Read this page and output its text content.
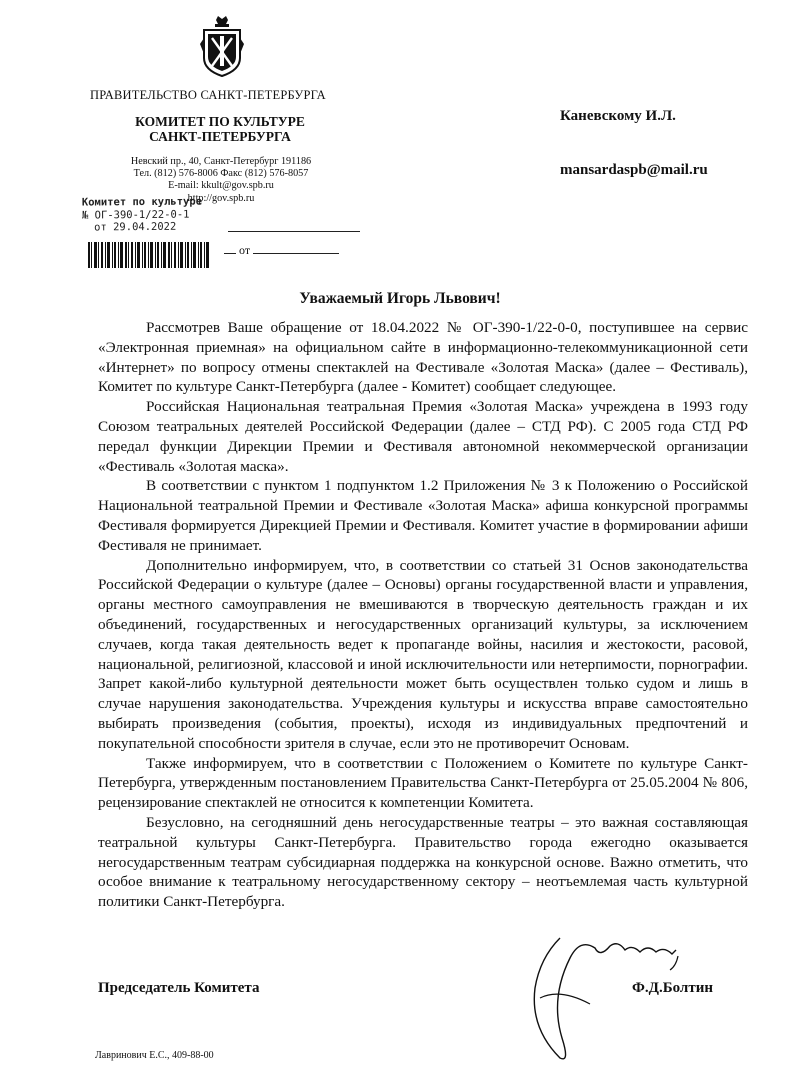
ПРАВИТЕЛЬСТВО САНКТ-ПЕТЕРБУРГА
КОМИТЕТ ПО КУЛЬТУРЕ
САНКТ-ПЕТЕРБУРГА
Невский пр., 40, Санкт-Петербург 191186
Тел. (812) 576-8006 Факс (812) 576-8057
E-mail: kkult@gov.spb.ru
http://gov.spb.ru
Комитет по культуре
№ ОГ-390-1/22-0-1
от 29.04.2022
от
Каневскому И.Л.
mansardaspb@mail.ru
Уважаемый Игорь Львович!

Рассмотрев Ваше обращение от 18.04.2022 № ОГ-390-1/22-0-0, поступившее на сервис «Электронная приемная» на официальном сайте в информационно-телекоммуникационной сети «Интернет» по вопросу отмены спектаклей на Фестивале «Золотая Маска» (далее – Фестиваль), Комитет по культуре Санкт-Петербурга (далее - Комитет) сообщает следующее.

Российская Национальная театральная Премия «Золотая Маска» учреждена в 1993 году Союзом театральных деятелей Российской Федерации (далее – СТД РФ). С 2005 года СТД РФ передал функции Дирекции Премии и Фестиваля автономной некоммерческой организации «Фестиваль «Золотая маска».

В соответствии с пунктом 1 подпунктом 1.2 Приложения № 3 к Положению о Российской Национальной театральной Премии и Фестивале «Золотая Маска» афиша конкурсной программы Фестиваля формируется Дирекцией Премии и Фестиваля. Комитет участие в формировании афиши Фестиваля не принимает.

Дополнительно информируем, что, в соответствии со статьей 31 Основ законодательства Российской Федерации о культуре (далее – Основы) органы государственной власти и управления, органы местного самоуправления не вмешиваются в творческую деятельность граждан и их объединений, государственных и негосударственных организаций культуры, за исключением случаев, когда такая деятельность ведет к пропаганде войны, насилия и жестокости, расовой, национальной, религиозной, классовой и иной исключительности или нетерпимости, порнографии. Запрет какой-либо культурной деятельности может быть осуществлен только судом и лишь в случае нарушения законодательства. Учреждения культуры и искусства вправе самостоятельно выбирать произведения (события, проекты), исходя из индивидуальных предпочтений и покупательной способности зрителя в случае, если это не противоречит Основам.

Также информируем, что в соответствии с Положением о Комитете по культуре Санкт-Петербурга, утвержденным постановлением Правительства Санкт-Петербурга от 25.05.2004 № 806, рецензирование спектаклей не относится к компетенции Комитета.

Безусловно, на сегодняшний день негосударственные театры – это важная составляющая театральной культуры Санкт-Петербурга. Правительство города ежегодно оказывается негосударственным театрам субсидиарная поддержка на конкурсной основе. Важно отметить, что особое внимание к театральному негосударственному сектору – неотъемлемая часть культурной политики Санкт-Петербурга.

Председатель Комитета	Ф.Д.Болтин
Лавринович Е.С., 409-88-00
